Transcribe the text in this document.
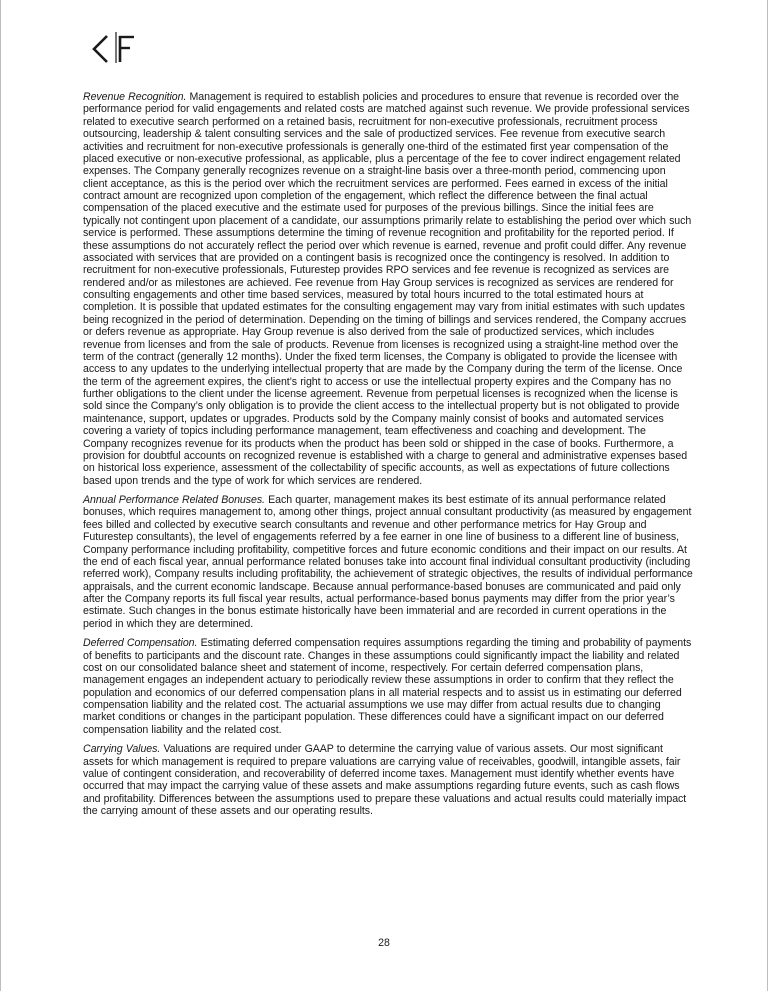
Revenue Recognition. Management is required to establish policies and procedures to ensure that revenue is recorded over the performance period for valid engagements and related costs are matched against such revenue. We provide professional services related to executive search performed on a retained basis, recruitment for non-executive professionals, recruitment process outsourcing, leadership & talent consulting services and the sale of productized services. Fee revenue from executive search activities and recruitment for non-executive professionals is generally one-third of the estimated first year compensation of the placed executive or non-executive professional, as applicable, plus a percentage of the fee to cover indirect engagement related expenses. The Company generally recognizes revenue on a straight-line basis over a three-month period, commencing upon client acceptance, as this is the period over which the recruitment services are performed. Fees earned in excess of the initial contract amount are recognized upon completion of the engagement, which reflect the difference between the final actual compensation of the placed executive and the estimate used for purposes of the previous billings. Since the initial fees are typically not contingent upon placement of a candidate, our assumptions primarily relate to establishing the period over which such service is performed. These assumptions determine the timing of revenue recognition and profitability for the reported period. If these assumptions do not accurately reflect the period over which revenue is earned, revenue and profit could differ. Any revenue associated with services that are provided on a contingent basis is recognized once the contingency is resolved. In addition to recruitment for non-executive professionals, Futurestep provides RPO services and fee revenue is recognized as services are rendered and/or as milestones are achieved. Fee revenue from Hay Group services is recognized as services are rendered for consulting engagements and other time based services, measured by total hours incurred to the total estimated hours at completion. It is possible that updated estimates for the consulting engagement may vary from initial estimates with such updates being recognized in the period of determination. Depending on the timing of billings and services rendered, the Company accrues or defers revenue as appropriate. Hay Group revenue is also derived from the sale of productized services, which includes revenue from licenses and from the sale of products. Revenue from licenses is recognized using a straight-line method over the term of the contract (generally 12 months). Under the fixed term licenses, the Company is obligated to provide the licensee with access to any updates to the underlying intellectual property that are made by the Company during the term of the license. Once the term of the agreement expires, the client’s right to access or use the intellectual property expires and the Company has no further obligations to the client under the license agreement. Revenue from perpetual licenses is recognized when the license is sold since the Company’s only obligation is to provide the client access to the intellectual property but is not obligated to provide maintenance, support, updates or upgrades. Products sold by the Company mainly consist of books and automated services covering a variety of topics including performance management, team effectiveness and coaching and development. The Company recognizes revenue for its products when the product has been sold or shipped in the case of books. Furthermore, a provision for doubtful accounts on recognized revenue is established with a charge to general and administrative expenses based on historical loss experience, assessment of the collectability of specific accounts, as well as expectations of future collections based upon trends and the type of work for which services are rendered.

Annual Performance Related Bonuses. Each quarter, management makes its best estimate of its annual performance related bonuses, which requires management to, among other things, project annual consultant productivity (as measured by engagement fees billed and collected by executive search consultants and revenue and other performance metrics for Hay Group and Futurestep consultants), the level of engagements referred by a fee earner in one line of business to a different line of business, Company performance including profitability, competitive forces and future economic conditions and their impact on our results. At the end of each fiscal year, annual performance related bonuses take into account final individual consultant productivity (including referred work), Company results including profitability, the achievement of strategic objectives, the results of individual performance appraisals, and the current economic landscape. Because annual performance-based bonuses are communicated and paid only after the Company reports its full fiscal year results, actual performance-based bonus payments may differ from the prior year’s estimate. Such changes in the bonus estimate historically have been immaterial and are recorded in current operations in the period in which they are determined.

Deferred Compensation. Estimating deferred compensation requires assumptions regarding the timing and probability of payments of benefits to participants and the discount rate. Changes in these assumptions could significantly impact the liability and related cost on our consolidated balance sheet and statement of income, respectively. For certain deferred compensation plans, management engages an independent actuary to periodically review these assumptions in order to confirm that they reflect the population and economics of our deferred compensation plans in all material respects and to assist us in estimating our deferred compensation liability and the related cost. The actuarial assumptions we use may differ from actual results due to changing market conditions or changes in the participant population. These differences could have a significant impact on our deferred compensation liability and the related cost.

Carrying Values. Valuations are required under GAAP to determine the carrying value of various assets. Our most significant assets for which management is required to prepare valuations are carrying value of receivables, goodwill, intangible assets, fair value of contingent consideration, and recoverability of deferred income taxes. Management must identify whether events have occurred that may impact the carrying value of these assets and make assumptions regarding future events, such as cash flows and profitability. Differences between the assumptions used to prepare these valuations and actual results could materially impact the carrying amount of these assets and our operating results.

28
